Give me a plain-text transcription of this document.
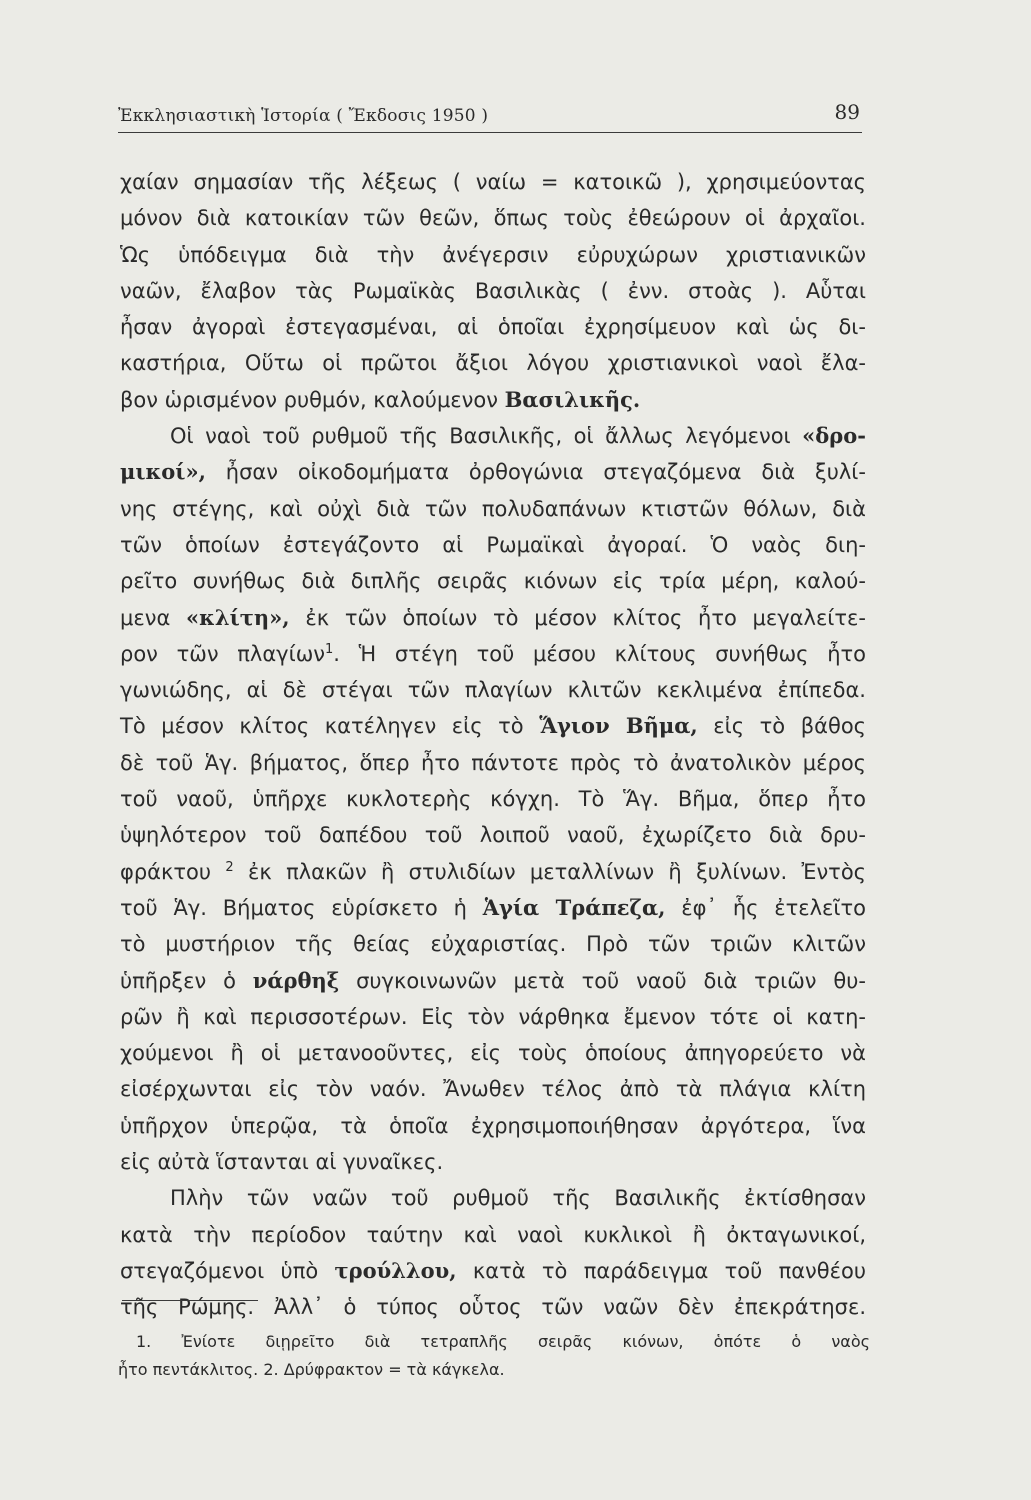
Ἐκκλησιαστικὴ Ἱστορία ( Ἔκδοσις 1950 )	89
χαίαν σημασίαν τῆς λέξεως ( ναίω = κατοικῶ ), χρησιμεύοντας
μόνον διὰ κατοικίαν τῶν θεῶν, ὅπως τοὺς ἐθεώρουν οἱ ἀρχαῖοι.
Ὡς ὑπόδειγμα διὰ τὴν ἀνέγερσιν εὐρυχώρων χριστιανικῶν
ναῶν, ἔλαβον τὰς Ρωμαϊκὰς Βασιλικὰς ( ἐνν. στοὰς ). Αὗται
ἦσαν ἀγοραὶ ἐστεγασμέναι, αἱ ὁποῖαι ἐχρησίμευον καὶ ὡς δι-
καστήρια, Οὕτω οἱ πρῶτοι ἄξιοι λόγου χριστιανικοὶ ναοὶ ἔλα-
βον ὡρισμένον ρυθμόν, καλούμενον Βασιλικῆς.
Οἱ ναοὶ τοῦ ρυθμοῦ τῆς Βασιλικῆς, οἱ ἄλλως λεγόμενοι «δρο-
μικοί», ἦσαν οἰκοδομήματα ὀρθογώνια στεγαζόμενα διὰ ξυλί-
νης στέγης, καὶ οὐχὶ διὰ τῶν πολυδαπάνων κτιστῶν θόλων, διὰ
τῶν ὁποίων ἐστεγάζοντο αἱ Ρωμαϊκαὶ ἀγοραί. Ὁ ναὸς διη-
ρεῖτο συνήθως διὰ διπλῆς σειρᾶς κιόνων εἰς τρία μέρη, καλού-
μενα «κλίτη», ἐκ τῶν ὁποίων τὸ μέσον κλίτος ἦτο μεγαλείτε-
ρον τῶν πλαγίων$^1$. Ἡ στέγη τοῦ μέσου κλίτους συνήθως ἦτο
γωνιώδης, αἱ δὲ στέγαι τῶν πλαγίων κλιτῶν κεκλιμένα ἐπίπεδα.
Τὸ μέσον κλίτος κατέληγεν εἰς τὸ Ἅγιον Βῆμα, εἰς τὸ βάθος
δὲ τοῦ Ἁγ. βήματος, ὅπερ ἦτο πάντοτε πρὸς τὸ ἀνατολικὸν μέρος
τοῦ ναοῦ, ὑπῆρχε κυκλοτερὴς κόγχη. Τὸ Ἅγ. Βῆμα, ὅπερ ἦτο
ὑψηλότερον τοῦ δαπέδου τοῦ λοιποῦ ναοῦ, ἐχωρίζετο διὰ δρυ-
φράκτου $^2$ ἐκ πλακῶν ἢ στυλιδίων μεταλλίνων ἢ ξυλίνων. Ἐντὸς
τοῦ Ἁγ. Βήματος εὑρίσκετο ἡ Ἁγία Τράπεζα, ἐφ᾿ ἧς ἐτελεῖτο
τὸ μυστήριον τῆς θείας εὐχαριστίας. Πρὸ τῶν τριῶν κλιτῶν
ὑπῆρξεν ὁ νάρθηξ συγκοινωνῶν μετὰ τοῦ ναοῦ διὰ τριῶν θυ-
ρῶν ἢ καὶ περισσοτέρων. Εἰς τὸν νάρθηκα ἔμενον τότε οἱ κατη-
χούμενοι ἢ οἱ μετανοοῦντες, εἰς τοὺς ὁποίους ἀπηγορεύετο νὰ
εἰσέρχωνται εἰς τὸν ναόν. Ἄνωθεν τέλος ἀπὸ τὰ πλάγια κλίτη
ὑπῆρχον ὑπερῷα, τὰ ὁποῖα ἐχρησιμοποιήθησαν ἀργότερα, ἵνα
εἰς αὐτὰ ἵστανται αἱ γυναῖκες.
Πλὴν τῶν ναῶν τοῦ ρυθμοῦ τῆς Βασιλικῆς ἐκτίσθησαν
κατὰ τὴν περίοδον ταύτην καὶ ναοὶ κυκλικοὶ ἢ ὀκταγωνικοί,
στεγαζόμενοι ὑπὸ τρούλλου, κατὰ τὸ παράδειγμα τοῦ πανθέου
τῆς Ρώμης. Ἀλλ᾿ ὁ τύπος οὗτος τῶν ναῶν δὲν ἐπεκράτησε.
1. Ἐνίοτε διῃρεῖτο διὰ τετραπλῆς σειρᾶς κιόνων, ὁπότε ὁ ναὸς
ἦτο πεντάκλιτος. 2. Δρύφρακτον = τὰ κάγκελα.
